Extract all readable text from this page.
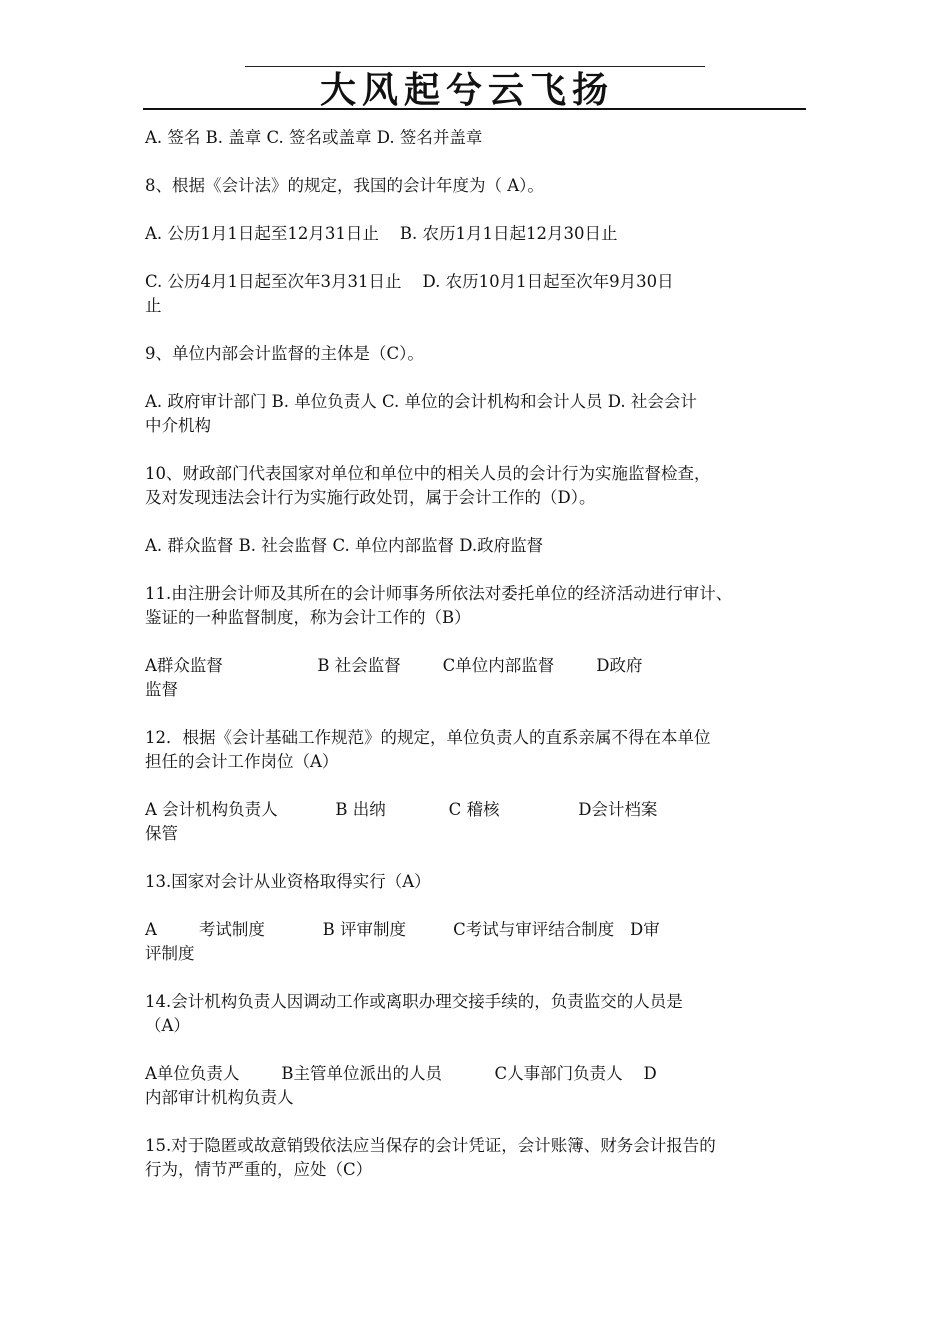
大风起兮云飞扬

A. 签名 B. 盖章 C. 签名或盖章 D. 签名并盖章

8、根据《会计法》的规定，我国的会计年度为（ A）。

A. 公历1月1日起至12月31日止    B. 农历1月1日起12月30日止

C. 公历4月1日起至次年3月31日止    D. 农历10月1日起至次年9月30日
止

9、单位内部会计监督的主体是（C）。

A. 政府审计部门 B. 单位负责人 C. 单位的会计机构和会计人员 D. 社会会计
中介机构

10、财政部门代表国家对单位和单位中的相关人员的会计行为实施监督检查，
及对发现违法会计行为实施行政处罚，属于会计工作的（D）。

A. 群众监督 B. 社会监督 C. 单位内部监督 D.政府监督

11.由注册会计师及其所在的会计师事务所依法对委托单位的经济活动进行审计、
鉴证的一种监督制度，称为会计工作的（B）

A群众监督                  B 社会监督        C单位内部监督        D政府
监督

12．根据《会计基础工作规范》的规定，单位负责人的直系亲属不得在本单位
担任的会计工作岗位（A）

A 会计机构负责人           B 出纳            C 稽核               D会计档案
保管

13.国家对会计从业资格取得实行（A）

A        考试制度           B 评审制度         C考试与审评结合制度   D审
评制度

14.会计机构负责人因调动工作或离职办理交接手续的，负责监交的人员是
（A）

A单位负责人        B主管单位派出的人员          C人事部门负责人    D
内部审计机构负责人

15.对于隐匿或故意销毁依法应当保存的会计凭证，会计账簿、财务会计报告的
行为，情节严重的，应处（C）
